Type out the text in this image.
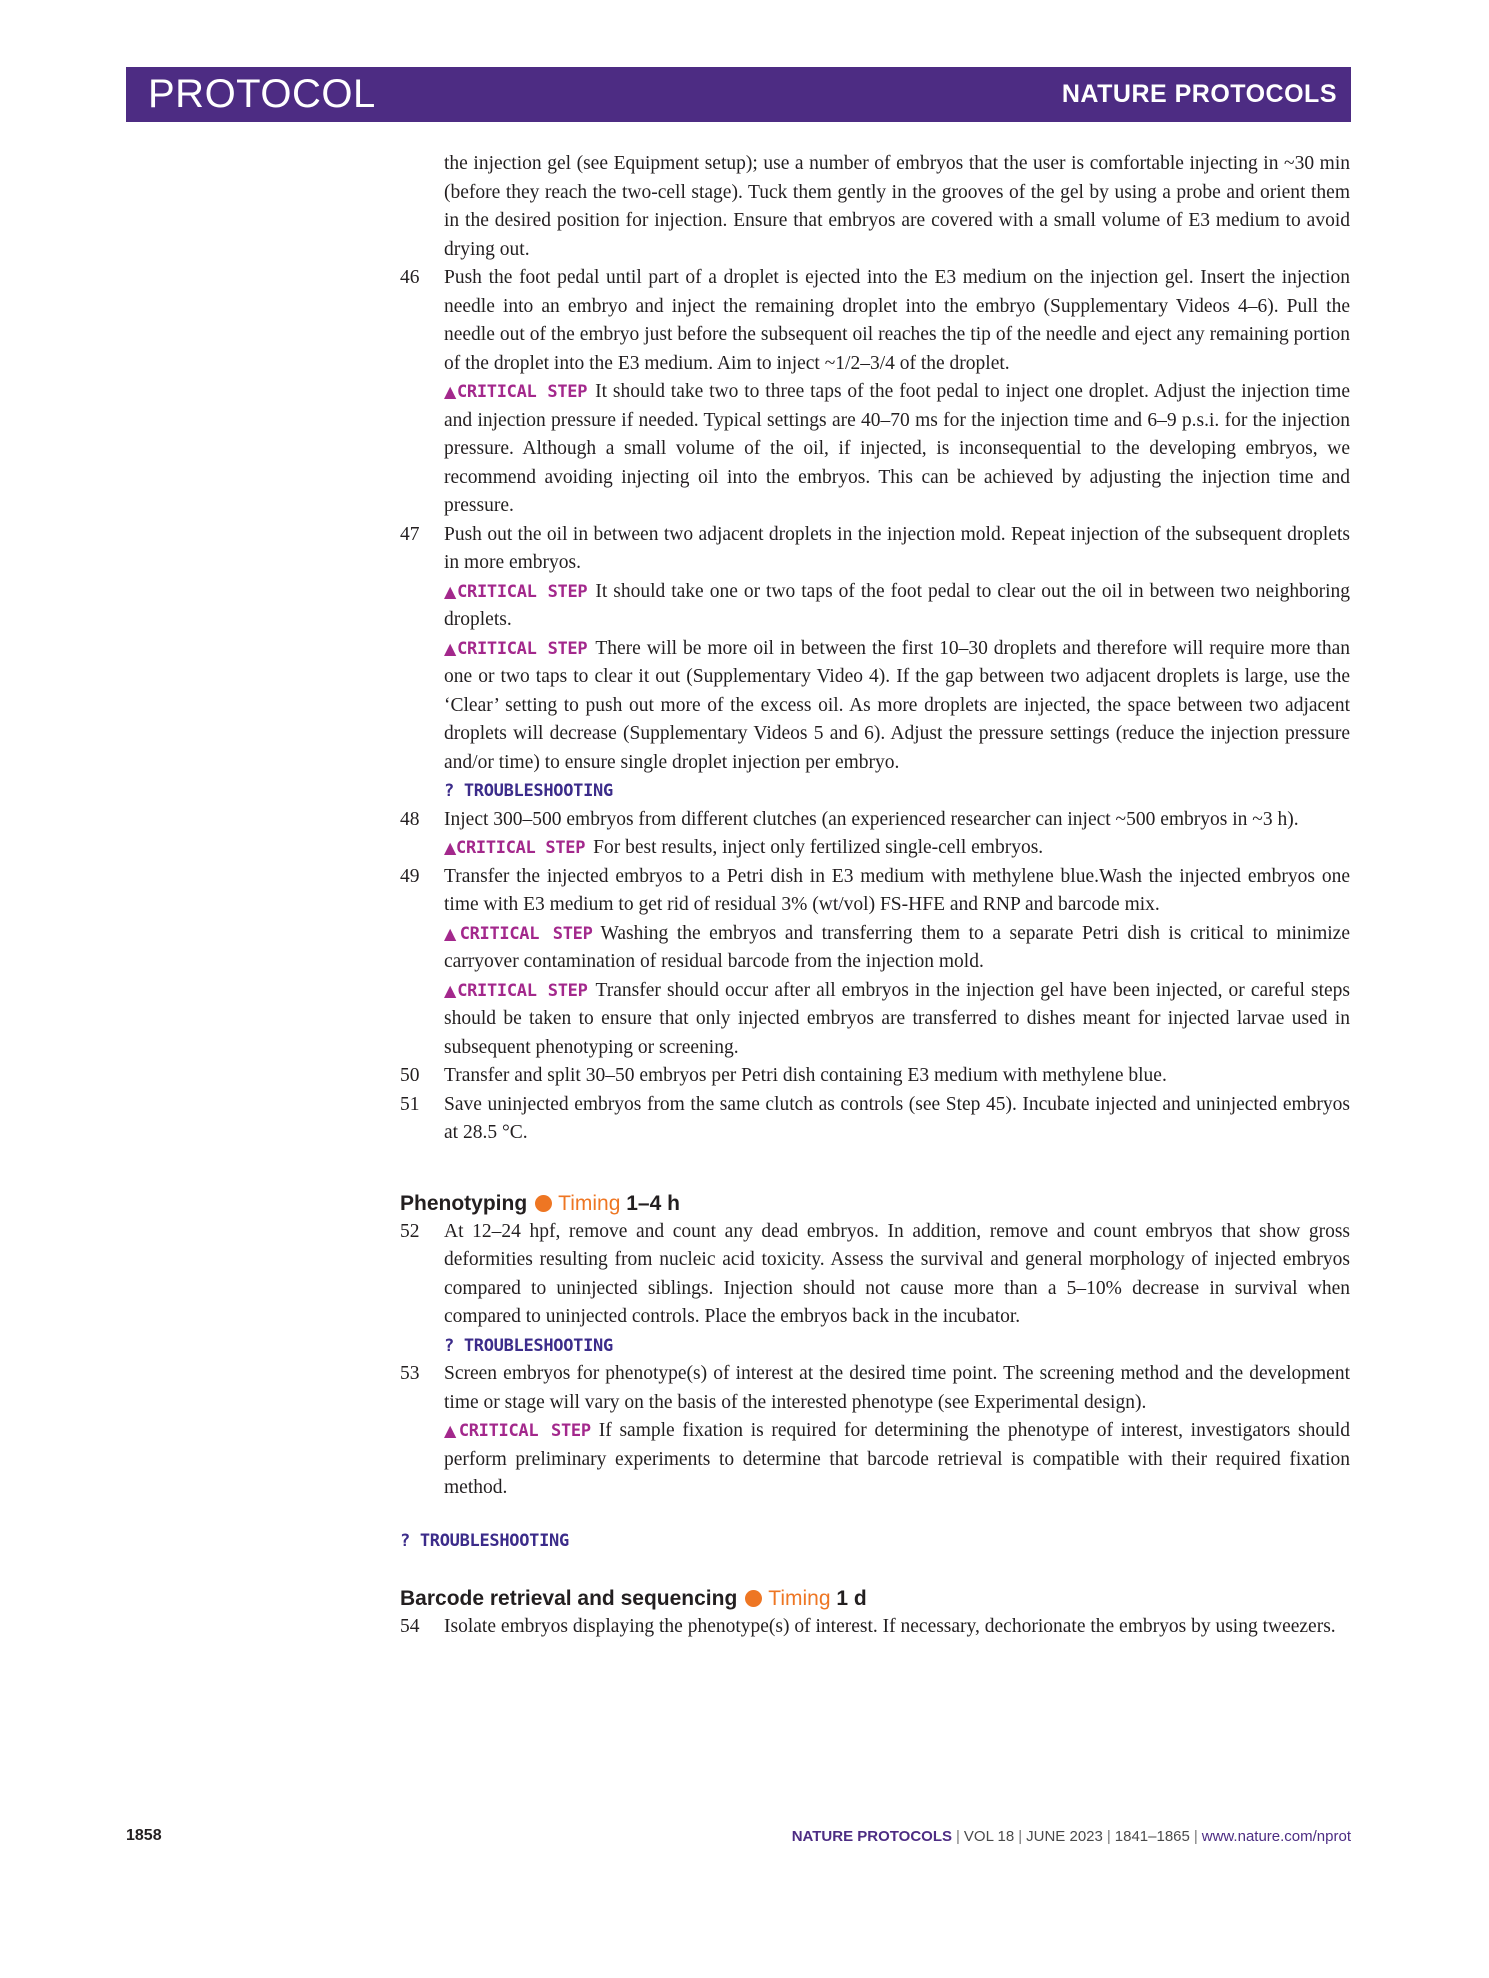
PROTOCOL	NATURE PROTOCOLS

the injection gel (see Equipment setup); use a number of embryos that the user is comfortable injecting in ~30 min (before they reach the two-cell stage). Tuck them gently in the grooves of the gel by using a probe and orient them in the desired position for injection. Ensure that embryos are covered with a small volume of E3 medium to avoid drying out.

46 Push the foot pedal until part of a droplet is ejected into the E3 medium on the injection gel. Insert the injection needle into an embryo and inject the remaining droplet into the embryo (Supplementary Videos 4–6). Pull the needle out of the embryo just before the subsequent oil reaches the tip of the needle and eject any remaining portion of the droplet into the E3 medium. Aim to inject ~1/2–3/4 of the droplet.
▲CRITICAL STEP It should take two to three taps of the foot pedal to inject one droplet. Adjust the injection time and injection pressure if needed. Typical settings are 40–70 ms for the injection time and 6–9 p.s.i. for the injection pressure. Although a small volume of the oil, if injected, is inconsequential to the developing embryos, we recommend avoiding injecting oil into the embryos. This can be achieved by adjusting the injection time and pressure.
47 Push out the oil in between two adjacent droplets in the injection mold. Repeat injection of the subsequent droplets in more embryos.
▲CRITICAL STEP It should take one or two taps of the foot pedal to clear out the oil in between two neighboring droplets.
▲CRITICAL STEP There will be more oil in between the first 10–30 droplets and therefore will require more than one or two taps to clear it out (Supplementary Video 4). If the gap between two adjacent droplets is large, use the ‘Clear’ setting to push out more of the excess oil. As more droplets are injected, the space between two adjacent droplets will decrease (Supplementary Videos 5 and 6). Adjust the pressure settings (reduce the injection pressure and/or time) to ensure single droplet injection per embryo.
? TROUBLESHOOTING
48 Inject 300–500 embryos from different clutches (an experienced researcher can inject ~500 embryos in ~3 h).
▲CRITICAL STEP For best results, inject only fertilized single-cell embryos.
49 Transfer the injected embryos to a Petri dish in E3 medium with methylene blue.Wash the injected embryos one time with E3 medium to get rid of residual 3% (wt/vol) FS-HFE and RNP and barcode mix.
▲CRITICAL STEP Washing the embryos and transferring them to a separate Petri dish is critical to minimize carryover contamination of residual barcode from the injection mold.
▲CRITICAL STEP Transfer should occur after all embryos in the injection gel have been injected, or careful steps should be taken to ensure that only injected embryos are transferred to dishes meant for injected larvae used in subsequent phenotyping or screening.
50 Transfer and split 30–50 embryos per Petri dish containing E3 medium with methylene blue.
51 Save uninjected embryos from the same clutch as controls (see Step 45). Incubate injected and uninjected embryos at 28.5 °C.
Phenotyping Timing 1–4 h
52 At 12–24 hpf, remove and count any dead embryos. In addition, remove and count embryos that show gross deformities resulting from nucleic acid toxicity. Assess the survival and general morphology of injected embryos compared to uninjected siblings. Injection should not cause more than a 5–10% decrease in survival when compared to uninjected controls. Place the embryos back in the incubator.
? TROUBLESHOOTING
53 Screen embryos for phenotype(s) of interest at the desired time point. The screening method and the development time or stage will vary on the basis of the interested phenotype (see Experimental design).
▲CRITICAL STEP If sample fixation is required for determining the phenotype of interest, investigators should perform preliminary experiments to determine that barcode retrieval is compatible with their required fixation method.
? TROUBLESHOOTING
Barcode retrieval and sequencing Timing 1 d
54 Isolate embryos displaying the phenotype(s) of interest. If necessary, dechorionate the embryos by using tweezers.
1858	NATURE PROTOCOLS | VOL 18 | JUNE 2023 | 1841–1865 | www.nature.com/nprot
